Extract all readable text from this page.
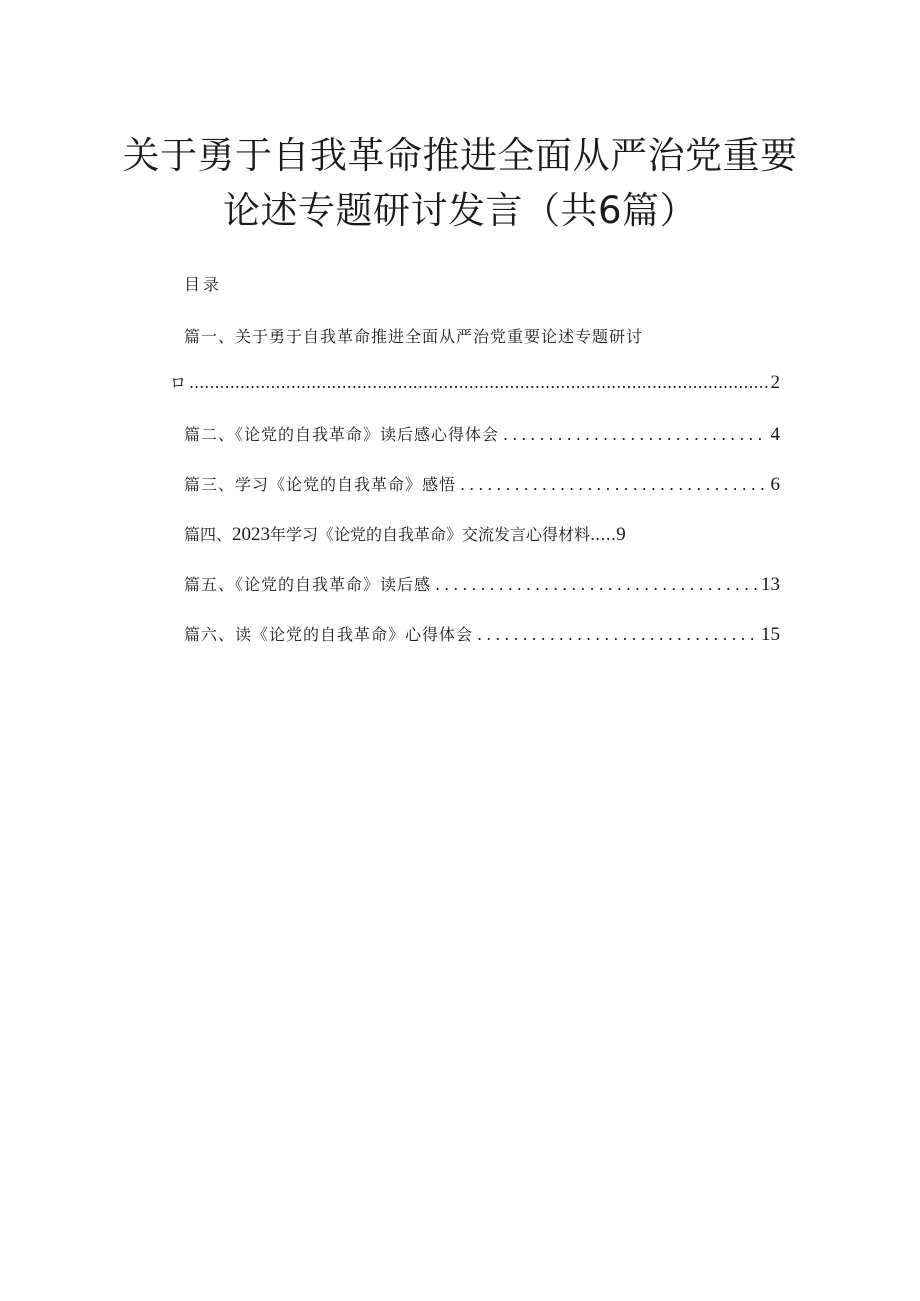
关于勇于自我革命推进全面从严治党重要
论述专题研讨发言（共6篇）
目录
篇一、关于勇于自我革命推进全面从严治党重要论述专题研讨
ロ .....	2
篇二、《论党的自我革命》读后感心得体会 .....	4
篇三、学习《论党的自我革命》感悟 .....	6
篇四、2023年学习《论党的自我革命》交流发言心得材料..…9
篇五、《论党的自我革命》读后感 .....	13
篇六、读《论党的自我革命》心得体会 .....	15
